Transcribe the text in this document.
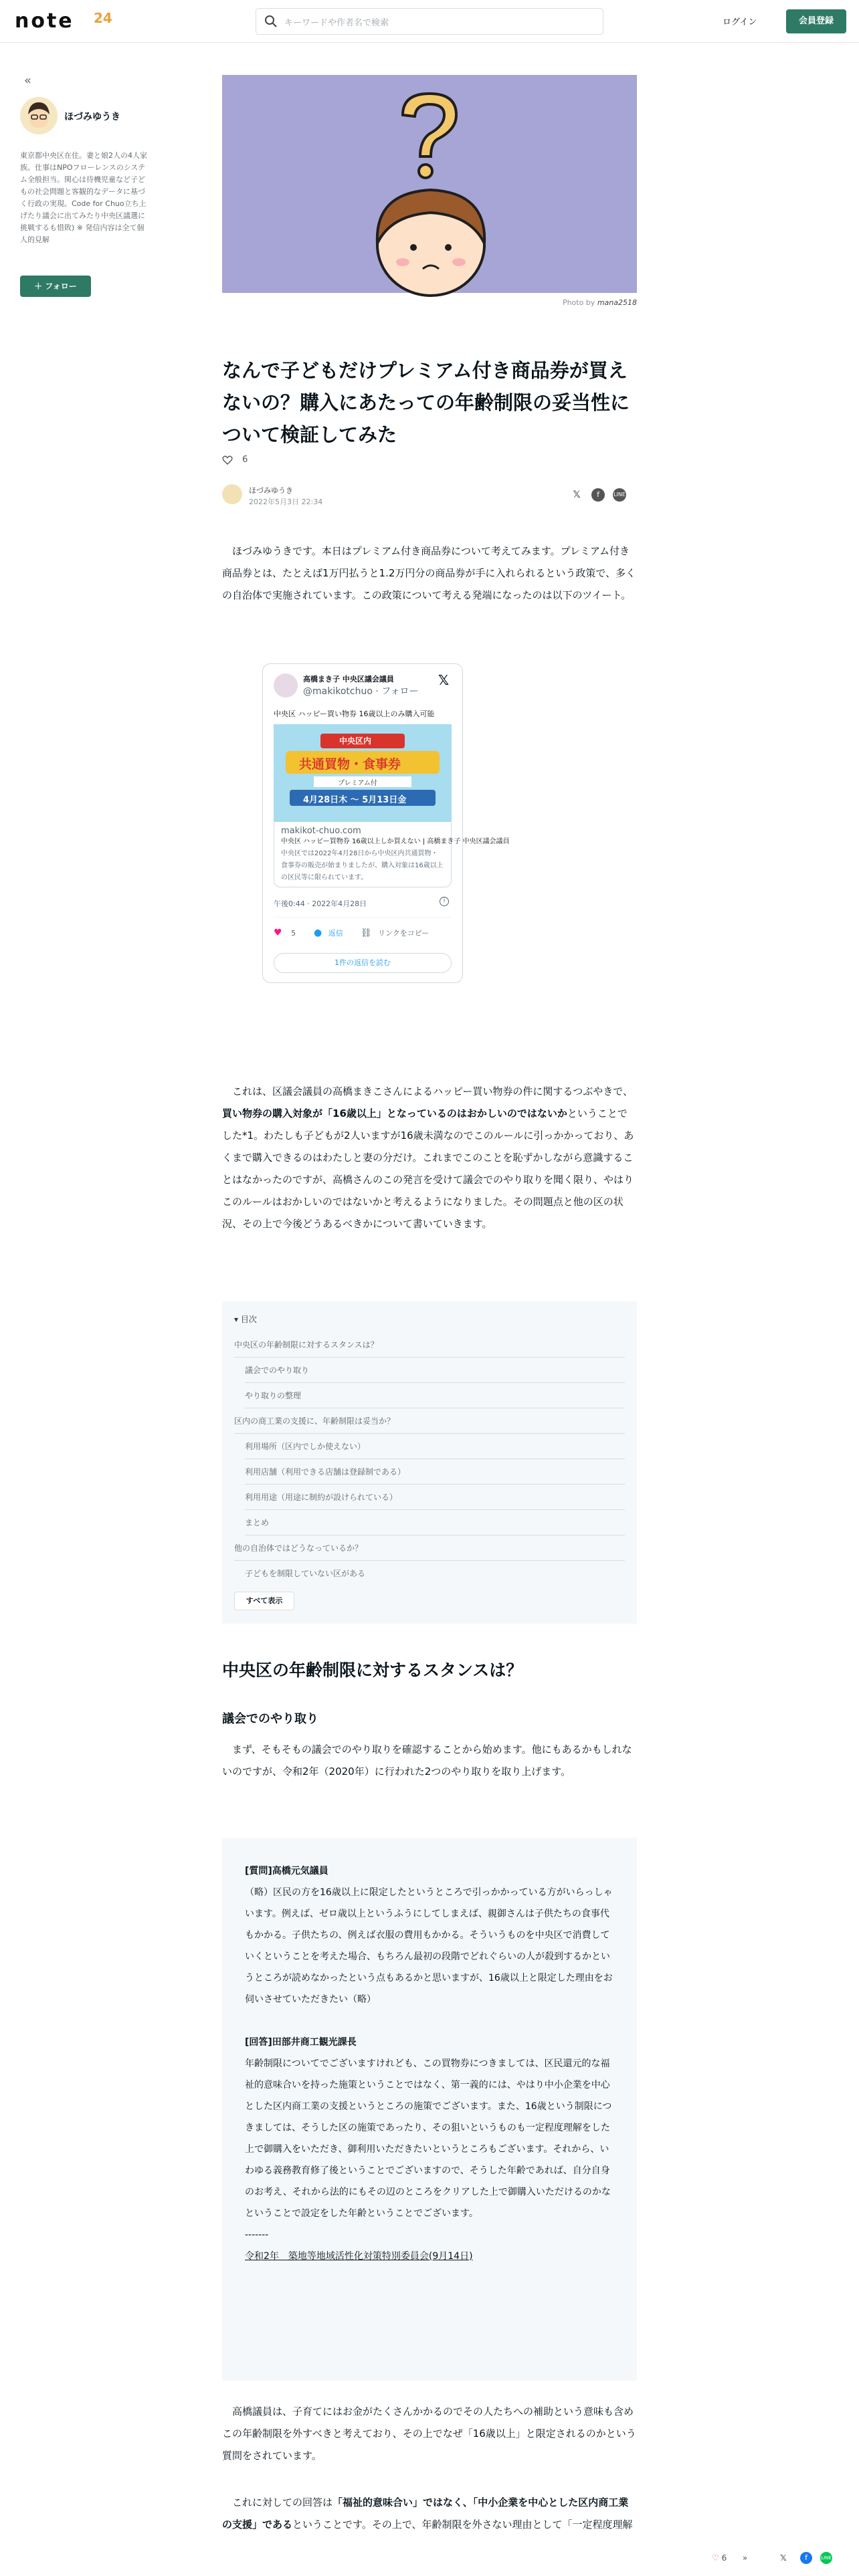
note 24	キーワードや作者名で検索	ログイン	会員登録
«
ほづみゆうき
東京都中央区在住。妻と娘2人の4人家族。仕事はNPOフローレンスのシステム全般担当。関心は待機児童など子どもの社会問題と客観的なデータに基づく行政の実現。Code for Chuo立ち上げたり議会に出てみたり中央区議選に挑戦するも惜敗) ※ 発信内容は全て個人的見解
＋ フォロー
Photo by mana2518
なんで子どもだけプレミアム付き商品券が買えないの？購入にあたっての年齢制限の妥当性について検証してみた
6
ほづみゆうき
2022年5月3日 22:34
𝕏	f	LINE
ほづみゆうきです。本日はプレミアム付き商品券について考えてみます。プレミアム付き商品券とは、たとえば1万円払うと1.2万円分の商品券が手に入れられるという政策で、多くの自治体で実施されています。この政策について考える発端になったのは以下のツイート。
高橋まき子 中央区議会議員
@makikotchuo · フォロー
𝕏
中央区 ハッピー買い物券 16歳以上のみ購入可能
中央区内
共通買物・食事券
プレミアム付
4月28日木 ～ 5月13日金
makikot-chuo.com
中央区 ハッピー買物券 16歳以上しか買えない | 高橋まき子 中央区議会議員
中央区では2022年4月28日から中央区内共通買物・食事券の販売が始まりましたが、購入対象は16歳以上の区民等に限られています。
午後0:44 · 2022年4月28日	i
♥ 5 ● 返信 ⛓ リンクをコピー
1件の返信を読む
これは、区議会議員の高橋まきこさんによるハッピー買い物券の件に関するつぶやきで、買い物券の購入対象が「16歳以上」となっているのはおかしいのではないかということでした*1。わたしも子どもが2人いますが16歳未満なのでこのルールに引っかかっており、あくまで購入できるのはわたしと妻の分だけ。これまでこのことを恥ずかしながら意識することはなかったのですが、高橋さんのこの発言を受けて議会でのやり取りを聞く限り、やはりこのルールはおかしいのではないかと考えるようになりました。その問題点と他の区の状況、その上で今後どうあるべきかについて書いていきます。
▾ 目次
中央区の年齢制限に対するスタンスは？
議会でのやり取り
やり取りの整理
区内の商工業の支援に、年齢制限は妥当か？
利用場所（区内でしか使えない）
利用店舗（利用できる店舗は登録制である）
利用用途（用途に制約が設けられている）
まとめ
他の自治体ではどうなっているか？
子どもを制限していない区がある
すべて表示
中央区の年齢制限に対するスタンスは？
議会でのやり取り
まず、そもそもの議会でのやり取りを確認することから始めます。他にもあるかもしれないのですが、令和2年（2020年）に行われた2つのやり取りを取り上げます。
[質問]高橋元気議員
（略）区民の方を16歳以上に限定したというところで引っかかっている方がいらっしゃいます。例えば、ゼロ歳以上というふうにしてしまえば、親御さんは子供たちの食事代もかかる。子供たちの、例えば衣服の費用もかかる。そういうものを中央区で消費していくということを考えた場合、もちろん最初の段階でどれぐらいの人が殺到するかというところが読めなかったという点もあるかと思いますが、16歳以上と限定した理由をお伺いさせていただきたい（略）
[回答]田部井商工観光課長
年齢制限についてでございますけれども、この買物券につきましては、区民還元的な福祉的意味合いを持った施策ということではなく、第一義的には、やはり中小企業を中心とした区内商工業の支援というところの施策でございます。また、16歳という制限につきましては、そうした区の施策であったり、その狙いというものも一定程度理解をした上で御購入をいただき、御利用いただきたいというところもございます。それから、いわゆる義務教育修了後ということでございますので、そうした年齢であれば、自分自身のお考え、それから法的にもその辺のところをクリアした上で御購入いただけるのかなということで設定をした年齢ということでございます。
-------
令和2年　築地等地域活性化対策特別委員会(9月14日)
高橋議員は、子育てにはお金がたくさんかかるのでその人たちへの補助という意味も含めこの年齢制限を外すべきと考えており、その上でなぜ「16歳以上」と限定されるのかという質問をされています。
これに対しての回答は「福祉的意味合い」ではなく、「中小企業を中心とした区内商工業の支援」であるということです。その上で、年齢制限を外さない理由として「一定程度理解
♡ 6 »	𝕏	f	LINE
